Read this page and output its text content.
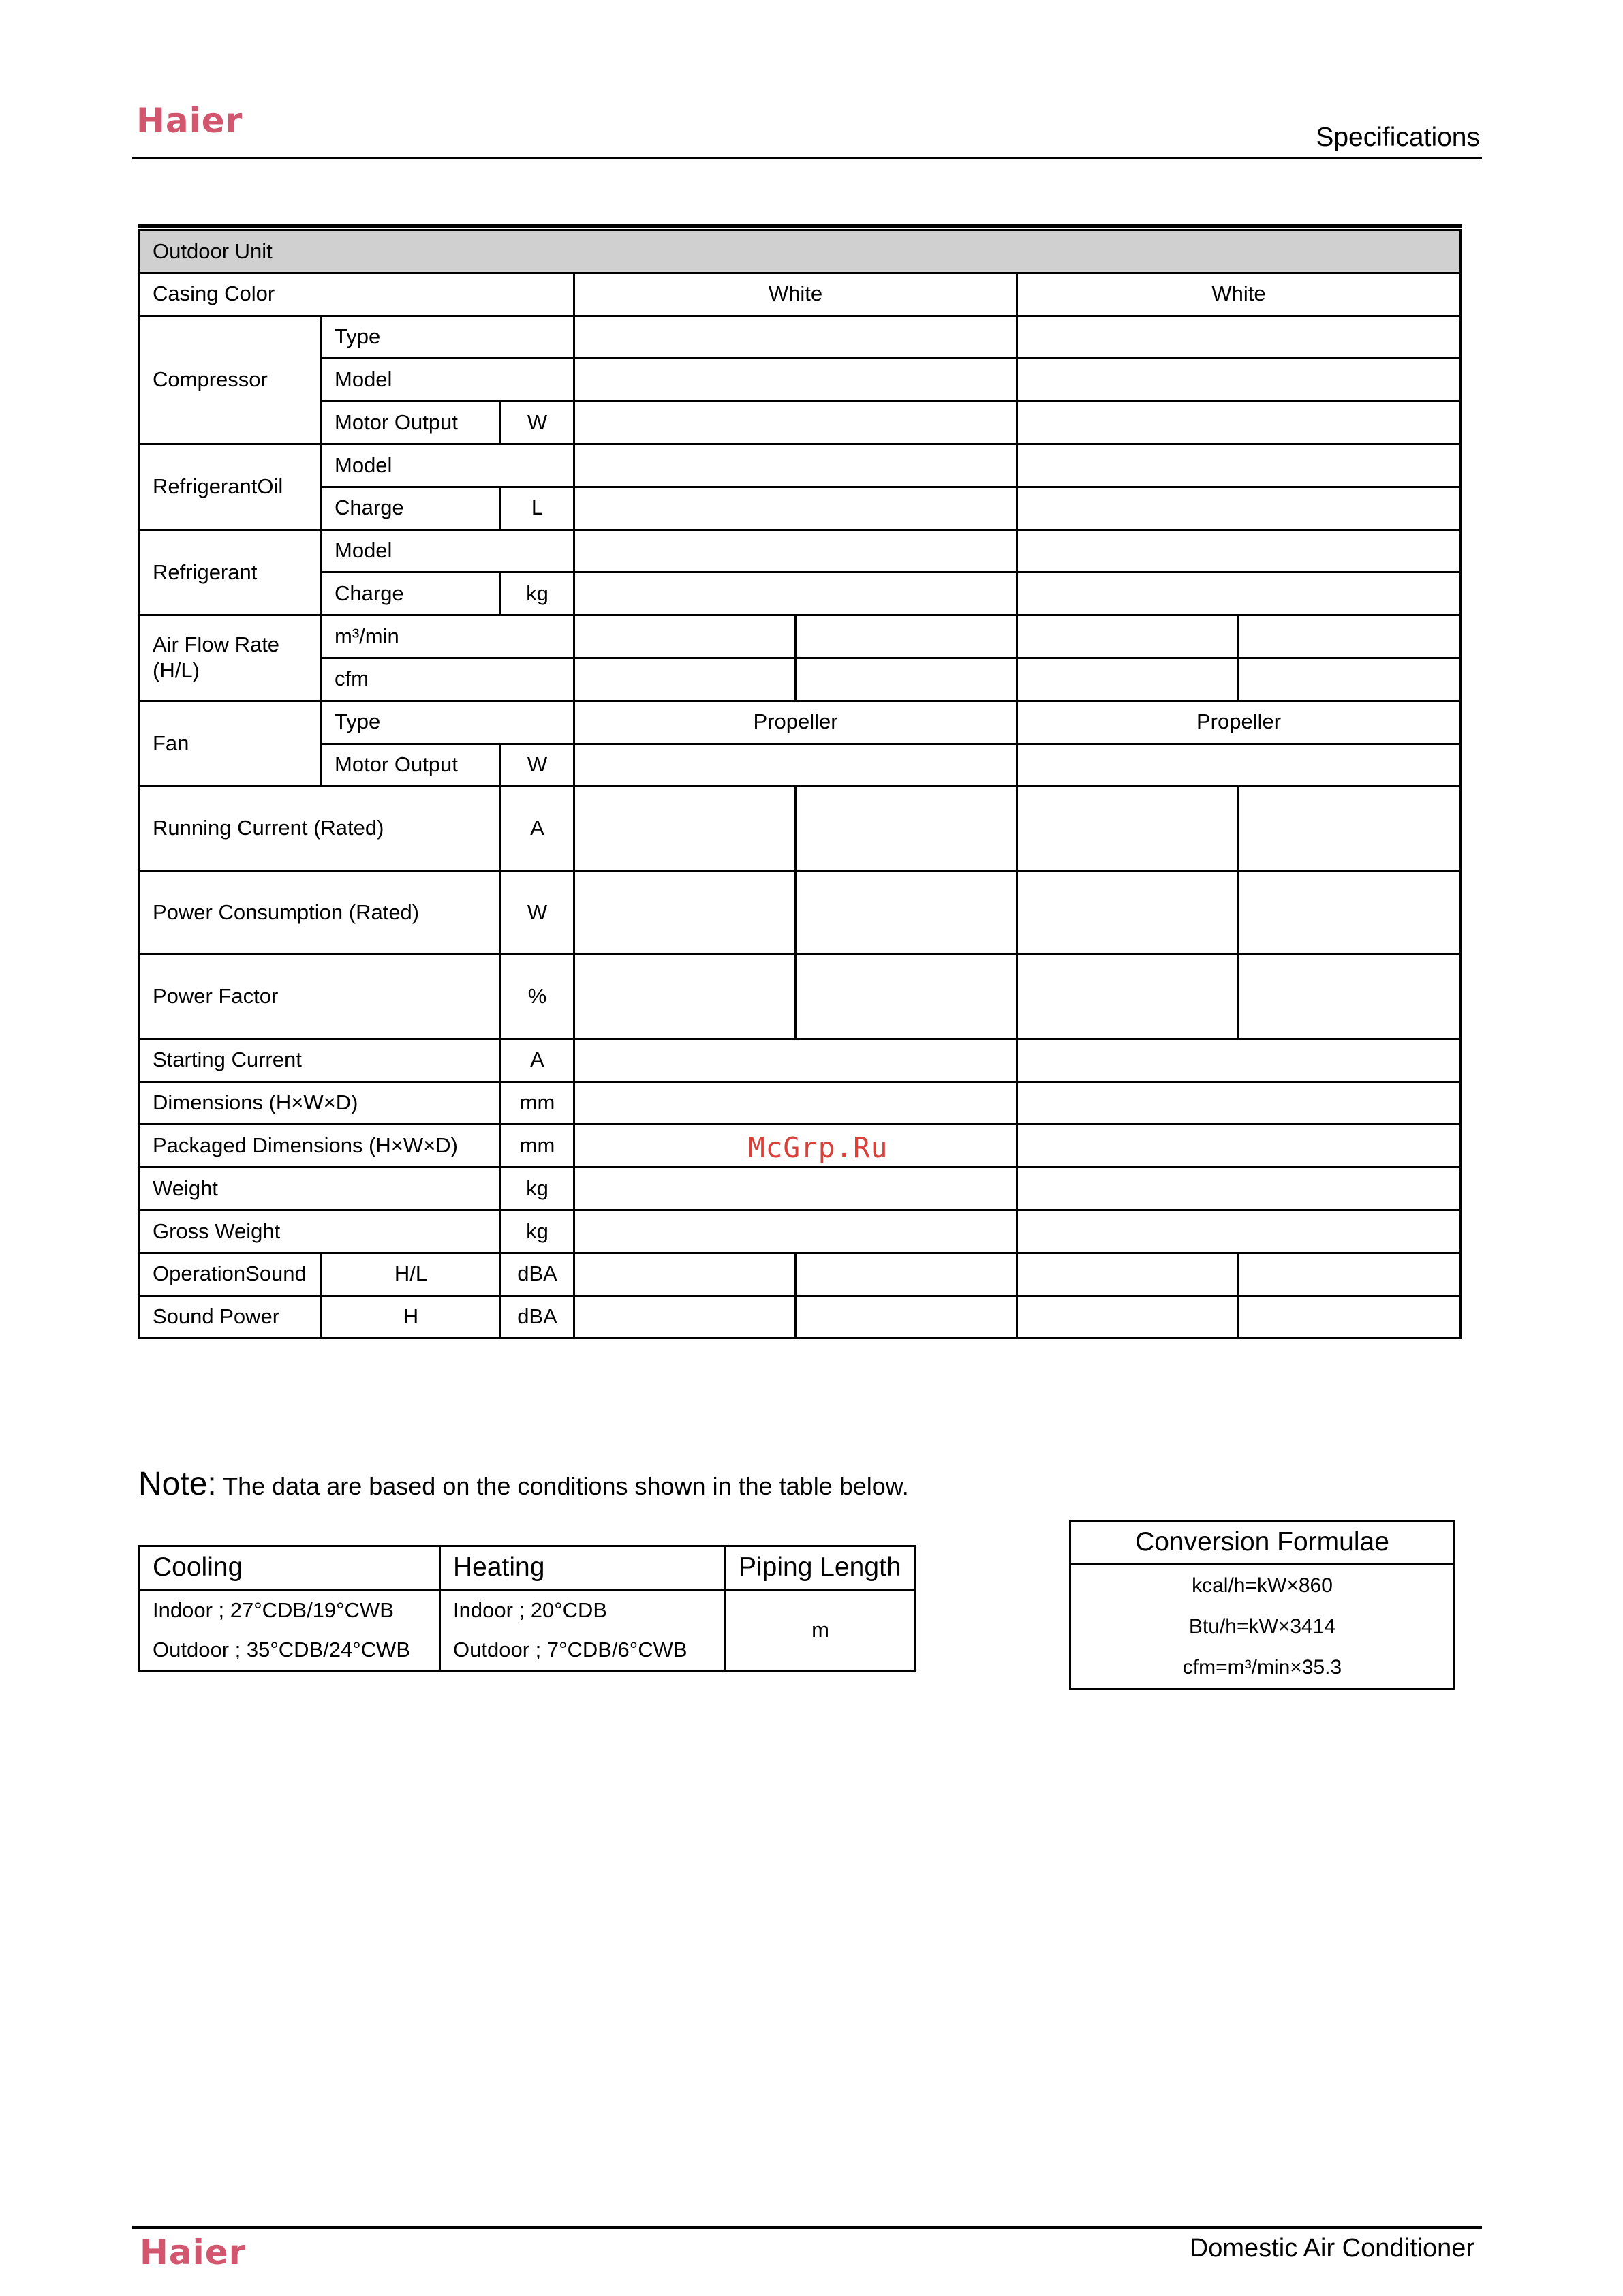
Haier	Specifications
Outdoor Unit						
Casing Color			White		White	
Compressor	Type					
	Model					
	Motor Output	W				
RefrigerantOil	Model					
	Charge	L				
Refrigerant	Model					
	Charge	kg				
Air Flow Rate
(H/L)	m³/min					
	cfm					
Fan	Type		Propeller		Propeller	
	Motor Output	W				
Running Current (Rated)		A				
Power Consumption (Rated)		W				
Power Factor		%				
Starting Current		A				
Dimensions (H×W×D)		mm				
Packaged Dimensions (H×W×D)		mm				
Weight		kg				
Gross Weight		kg				
OperationSound	H/L	dBA				
Sound Power	H	dBA				
McGrp.Ru
Note: The data are based on the conditions shown in the table below.
Cooling	Heating	Piping Length
Indoor ; 27°CDB/19°CWB	Indoor ; 20°CDB	m
Outdoor ; 35°CDB/24°CWB	Outdoor ; 7°CDB/6°CWB	
Conversion Formulae

kcal/h=kW×860
Btu/h=kW×3414
cfm=m³/min×35.3
Haier	Domestic Air Conditioner
